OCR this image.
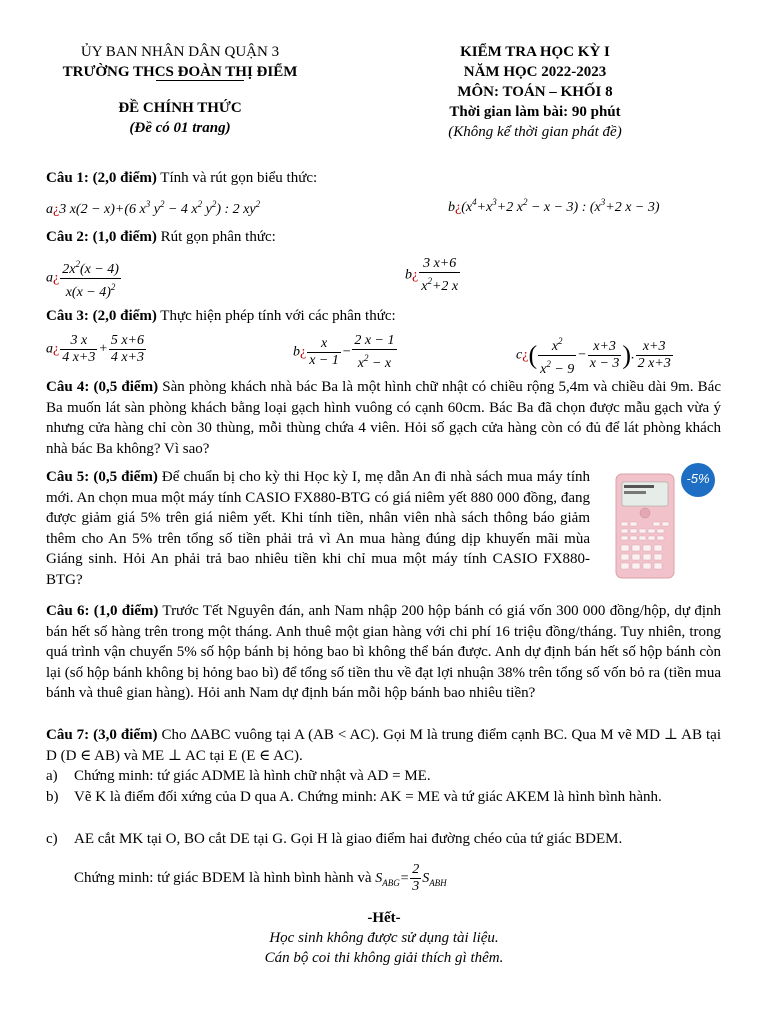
ỦY BAN NHÂN DÂN QUẬN 3
TRƯỜNG THCS ĐOÀN THỊ ĐIỂM
ĐỀ CHÍNH THỨC
(Đề có 01 trang)
KIỂM TRA HỌC KỲ I
NĂM HỌC 2022-2023
MÔN: TOÁN – KHỐI 8
Thời gian làm bài: 90 phút
(Không kể thời gian phát đề)
Câu 1: (2,0 điểm) Tính và rút gọn biểu thức:
a¿3 x(2 − x)+(6 $x^3$ $y^2 - 4$ $x^2$ $y^2$) : 2 $xy^2$	$b¿(x^4+x^3+2$ $x^2 - x - 3$) : ($x^3+2$ x − 3)
Câu 2: (1,0 điểm) Rút gọn phân thức:
a¿ $\frac{2x^2(x - 4)}{x(x - 4)^2}$	b¿ $\frac{3 x+6}{x^2+2 x}$
Câu 3: (2,0 điểm) Thực hiện phép tính với các phân thức:
a¿ $\frac{3 x}{4 x+3} + \frac{5 x+6}{4 x+3}$	b¿ $\frac{x}{x - 1} - \frac{2 x - 1}{x^2 - x}$	c¿( $\frac{x^2}{x^2 - 9} - \frac{x+3}{x - 3}$ ). $\frac{x+3}{2 x+3}$
Câu 4: (0,5 điểm) Sàn phòng khách nhà bác Ba là một hình chữ nhật có chiều rộng 5,4m và chiều dài 9m. Bác Ba muốn lát sàn phòng khách bằng loại gạch hình vuông có cạnh 60cm. Bác Ba đã chọn được mẫu gạch vừa ý nhưng cửa hàng chỉ còn 30 thùng, mỗi thùng chứa 4 viên. Hỏi số gạch cửa hàng còn có đủ để lát phòng khách nhà bác Ba không? Vì sao?
Câu 5: (0,5 điểm) Để chuẩn bị cho kỳ thi Học kỳ I, mẹ dẫn An đi nhà sách mua máy tính mới. An chọn mua một máy tính CASIO FX880-BTG có giá niêm yết 880 000 đồng, đang được giảm giá 5% trên giá niêm yết. Khi tính tiền, nhân viên nhà sách thông báo giảm thêm cho An 5% trên tổng số tiền phải trả vì An mua hàng đúng dịp khuyến mãi mùa Giáng sinh. Hỏi An phải trả bao nhiêu tiền khi chỉ mua một máy tính CASIO FX880-BTG?
-5%
Câu 6: (1,0 điểm) Trước Tết Nguyên đán, anh Nam nhập 200 hộp bánh có giá vốn 300 000 đồng/hộp, dự định bán hết số hàng trên trong một tháng. Anh thuê một gian hàng với chi phí 16 triệu đồng/tháng. Tuy nhiên, trong quá trình vận chuyển 5% số hộp bánh bị hỏng bao bì không thể bán được. Anh dự định bán hết số hộp bánh còn lại (số hộp bánh không bị hỏng bao bì) để tổng số tiền thu về đạt lợi nhuận 38% trên tổng số vốn bỏ ra (tiền mua bánh và thuê gian hàng). Hỏi anh Nam dự định bán mỗi hộp bánh bao nhiêu tiền?
Câu 7: (3,0 điểm) Cho ∆ABC vuông tại A (AB < AC). Gọi M là trung điểm cạnh BC. Qua M vẽ MD ⊥ AB tại D (D ∈ AB) và ME ⊥ AC tại E (E ∈ AC).
a) Chứng minh: tứ giác ADME là hình chữ nhật và AD = ME.
b) Vẽ K là điểm đối xứng của D qua A. Chứng minh: AK = ME và tứ giác AKEM là hình bình hành.
c) AE cắt MK tại O, BO cắt DE tại G. Gọi H là giao điểm hai đường chéo của tứ giác BDEM.
Chứng minh: tứ giác BDEM là hình bình hành và $S_{ABG}= \frac{2}{3} S_{ABH}$
-Hết-
Học sinh không được sử dụng tài liệu.
Cán bộ coi thi không giải thích gì thêm.
